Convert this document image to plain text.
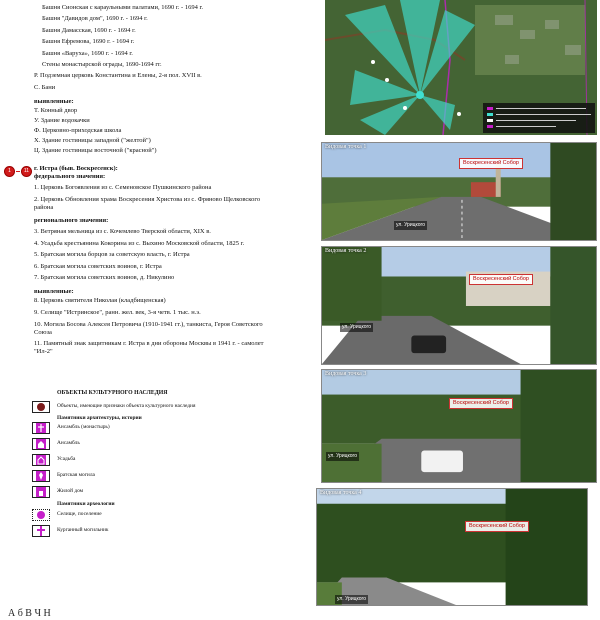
Башня Сионская с караульными палатами, 1690 г. - 1694 г.
Башня "Давидов дом", 1690 г. - 1694 г.
Башня Дамасская, 1690 г. - 1694 г.
Башня Ефремова, 1690 г. - 1694 г.
Башня «Варуха», 1690 г. - 1694 г.
Стены монастырской ограды, 1690-1694 гг.
Р. Подземная церковь Константина и Елены, 2-я пол. XVII в.
С. Бани
выявленные:
Т. Конный двор
У. Здание водокачки
Ф. Церковно-приходская школа
Х. Здание гостиницы западной ("желтой")
Ц. Здание гостиницы восточной ("красной")
1	11 г. Истра (быв. Воскресенск):
федерального значения:
1. Церковь Богоявления из с. Семеновское Пушкинского района
2. Церковь Обновления храма Воскресения Христова из с. Фряново Щелковского района
регионального значения:
3. Ветряная мельница из с. Кочемлево Тверской области, XIX в.
4. Усадьба крестьянина Кокорина из с. Выхино Московской области, 1825 г.
5. Братская могила борцов за советскую власть, г. Истра
6. Братская могила советских воинов, г. Истра
7. Братская могила советских воинов, д. Никулино
выявленные:
8. Церковь святителя Николая (кладбищенская)
9. Селище "Истринское", ранн. жел. век, 3-я четв. 1 тыс. н.э.
10. Могила Босова Алексея Петровича (1910-1941 гг.), танкиста, Героя Советского Союза
11. Памятный знак защитникам г. Истра в дни обороны Москвы в 1941 г. - самолет "Ил-2"
ОБЪЕКТЫ КУЛЬТУРНОГО НАСЛЕДИЯ
Объекты, имеющие признаки объекта культурного наследия
Памятники архитектуры, истории
Ансамбль (монастырь)
Ансамбль
Усадьба
Братская могила
Жилой дом
Памятники археологии
Селище, поселение
Курганный могильник
Видовая точка 1
Воскресенский Собор
ул. Урицкого
Видовая точка 2
Воскресенский Собор
ул. Урицкого
Видовая точка 3
Воскресенский Собор
ул. Урицкого
Видовая точка 4
Воскресенский Собор
ул. Урицкого
А б В Ч Н
